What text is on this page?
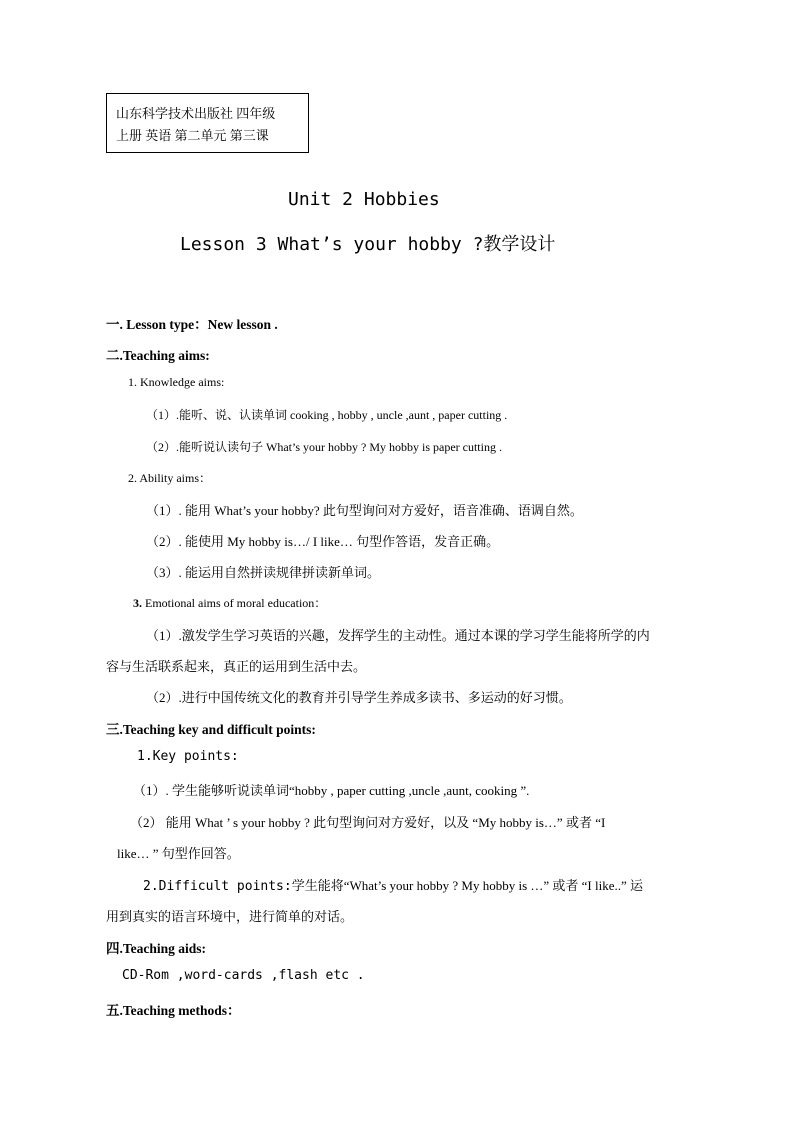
山东科学技术出版社 四年级
上册 英语 第二单元 第三课
Unit 2 Hobbies
Lesson 3 What’s your hobby ?教学设计
一. Lesson type：New lesson .
二.Teaching aims:
1. Knowledge aims:
（1）.能听、说、认读单词 cooking , hobby , uncle ,aunt , paper cutting .
（2）.能听说认读句子 What’s your hobby ? My hobby is paper cutting .
2. Ability aims：
（1）. 能用 What’s your hobby? 此句型询问对方爱好，语音准确、语调自然。
（2）. 能使用 My hobby is…/ I like… 句型作答语，发音正确。
（3）. 能运用自然拼读规律拼读新单词。
3. Emotional aims of moral education：
（1）.激发学生学习英语的兴趣，发挥学生的主动性。通过本课的学习学生能将所学的内
容与生活联系起来，真正的运用到生活中去。
（2）.进行中国传统文化的教育并引导学生养成多读书、多运动的好习惯。
三.Teaching key and difficult points:
1.Key points:
（1）. 学生能够听说读单词“hobby , paper cutting ,uncle ,aunt, cooking ”.
（2） 能用 What ’ s your hobby ? 此句型询问对方爱好，以及 “My hobby is…” 或者 “I
like… ” 句型作回答。
2.Difficult points:学生能将“What’s your hobby ? My hobby is …” 或者 “I like..” 运
用到真实的语言环境中，进行简单的对话。
四.Teaching aids:
CD-Rom ,word-cards ,flash etc .
五.Teaching methods：
